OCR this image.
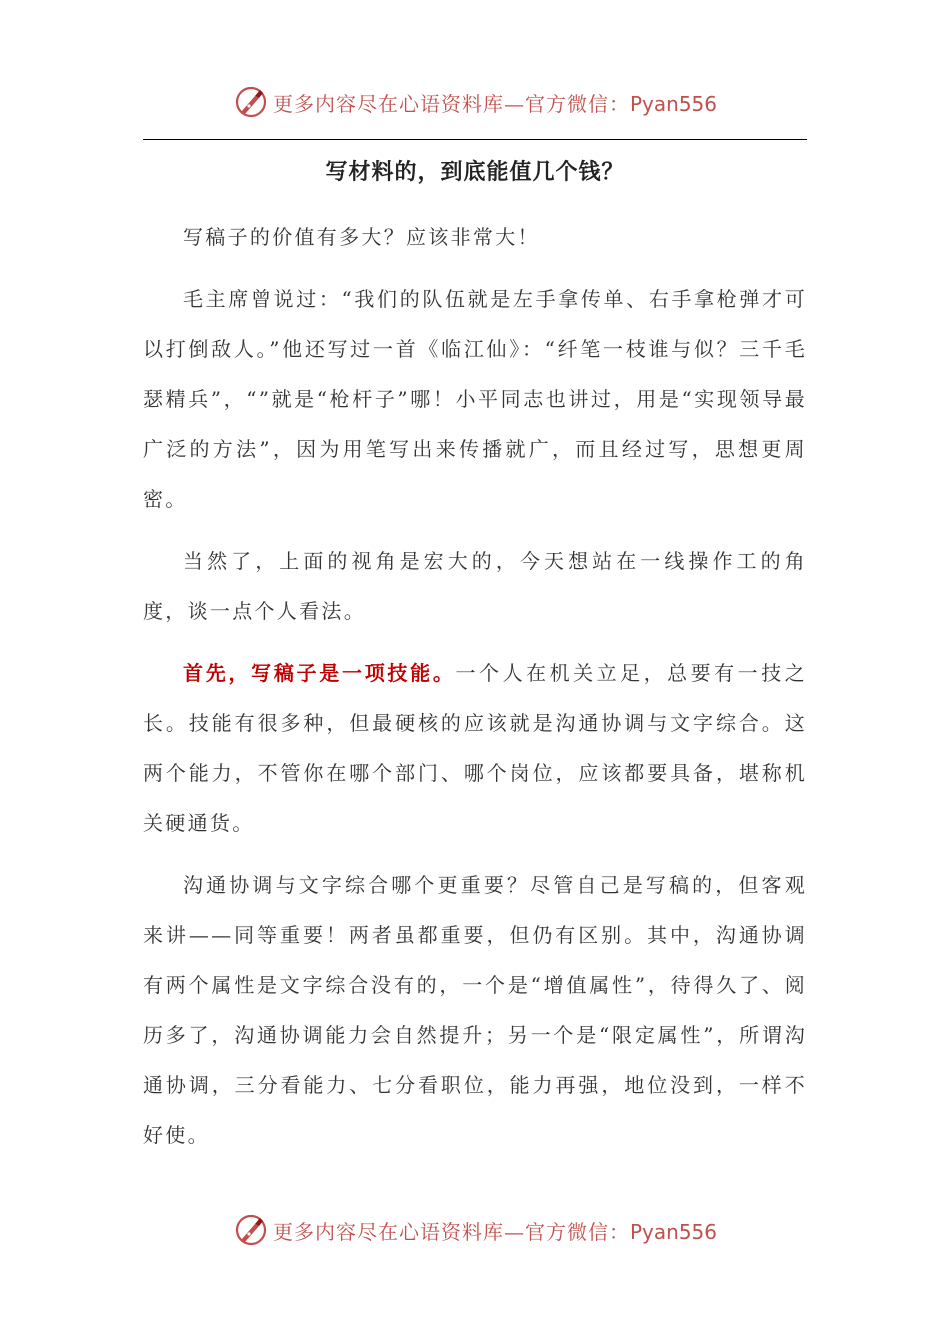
更多内容尽在心语资料库—官方微信：Pyan556
写材料的，到底能值几个钱？

写稿子的价值有多大？应该非常大！

毛主席曾说过：“我们的队伍就是左手拿传单、右手拿枪弹才可以打倒敌人。”他还写过一首《临江仙》：“纤笔一枝谁与似？三千毛瑟精兵”，“”就是“枪杆子”哪！小平同志也讲过，用是“实现领导最广泛的方法”，因为用笔写出来传播就广，而且经过写，思想更周密。

当然了，上面的视角是宏大的，今天想站在一线操作工的角度，谈一点个人看法。

首先，写稿子是一项技能。一个人在机关立足，总要有一技之长。技能有很多种，但最硬核的应该就是沟通协调与文字综合。这两个能力，不管你在哪个部门、哪个岗位，应该都要具备，堪称机关硬通货。

沟通协调与文字综合哪个更重要？尽管自己是写稿的，但客观来讲——同等重要！两者虽都重要，但仍有区别。其中，沟通协调有两个属性是文字综合没有的，一个是“增值属性”，待得久了、阅历多了，沟通协调能力会自然提升；另一个是“限定属性”，所谓沟通协调，三分看能力、七分看职位，能力再强，地位没到，一样不好使。

更多内容尽在心语资料库—官方微信：Pyan556
